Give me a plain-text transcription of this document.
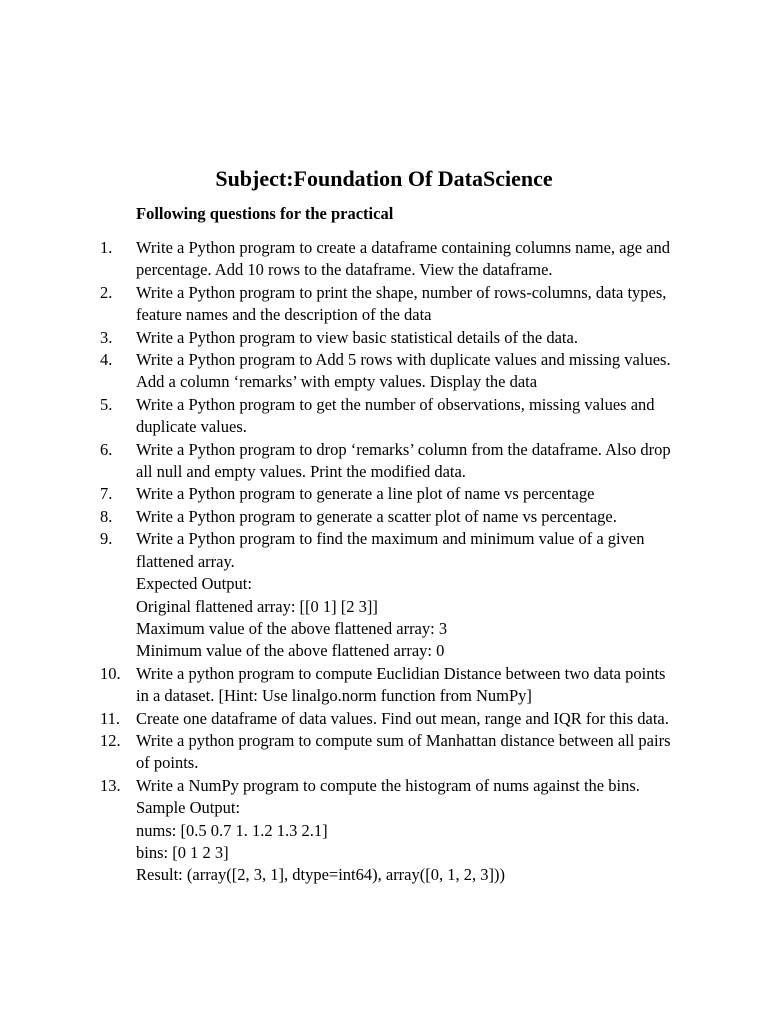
Subject:Foundation Of DataScience
Following questions for the practical
1.	Write a Python program to create a dataframe containing columns name, age and percentage. Add 10 rows to the dataframe. View the dataframe.
2.	Write a Python program to print the shape, number of rows-columns, data types, feature names and the description of the data
3.	Write a Python program to view basic statistical details of the data.
4.	Write a Python program to Add 5 rows with duplicate values and missing values. Add a column ‘remarks’ with empty values. Display the data
5.	Write a Python program to get the number of observations, missing values and duplicate values.
6.	Write a Python program to drop ‘remarks’ column from the dataframe. Also drop all null and empty values. Print the modified data.
7.	Write a Python program to generate a line plot of name vs percentage
8.	Write a Python program to generate a scatter plot of name vs percentage.
9.	Write a Python program to find the maximum and minimum value of a given flattened array.
Expected Output:
Original flattened array: [[0 1] [2 3]]
Maximum value of the above flattened array: 3
Minimum value of the above flattened array: 0
10. Write a python program to compute Euclidian Distance between two data points in a dataset. [Hint: Use linalgo.norm function from NumPy]
11. Create one dataframe of data values. Find out mean, range and IQR for this data.
12. Write a python program to compute sum of Manhattan distance between all pairs of points.
13. Write a NumPy program to compute the histogram of nums against the bins.
Sample Output:
nums: [0.5 0.7 1. 1.2 1.3 2.1]
bins: [0 1 2 3]
Result: (array([2, 3, 1], dtype=int64), array([0, 1, 2, 3]))
